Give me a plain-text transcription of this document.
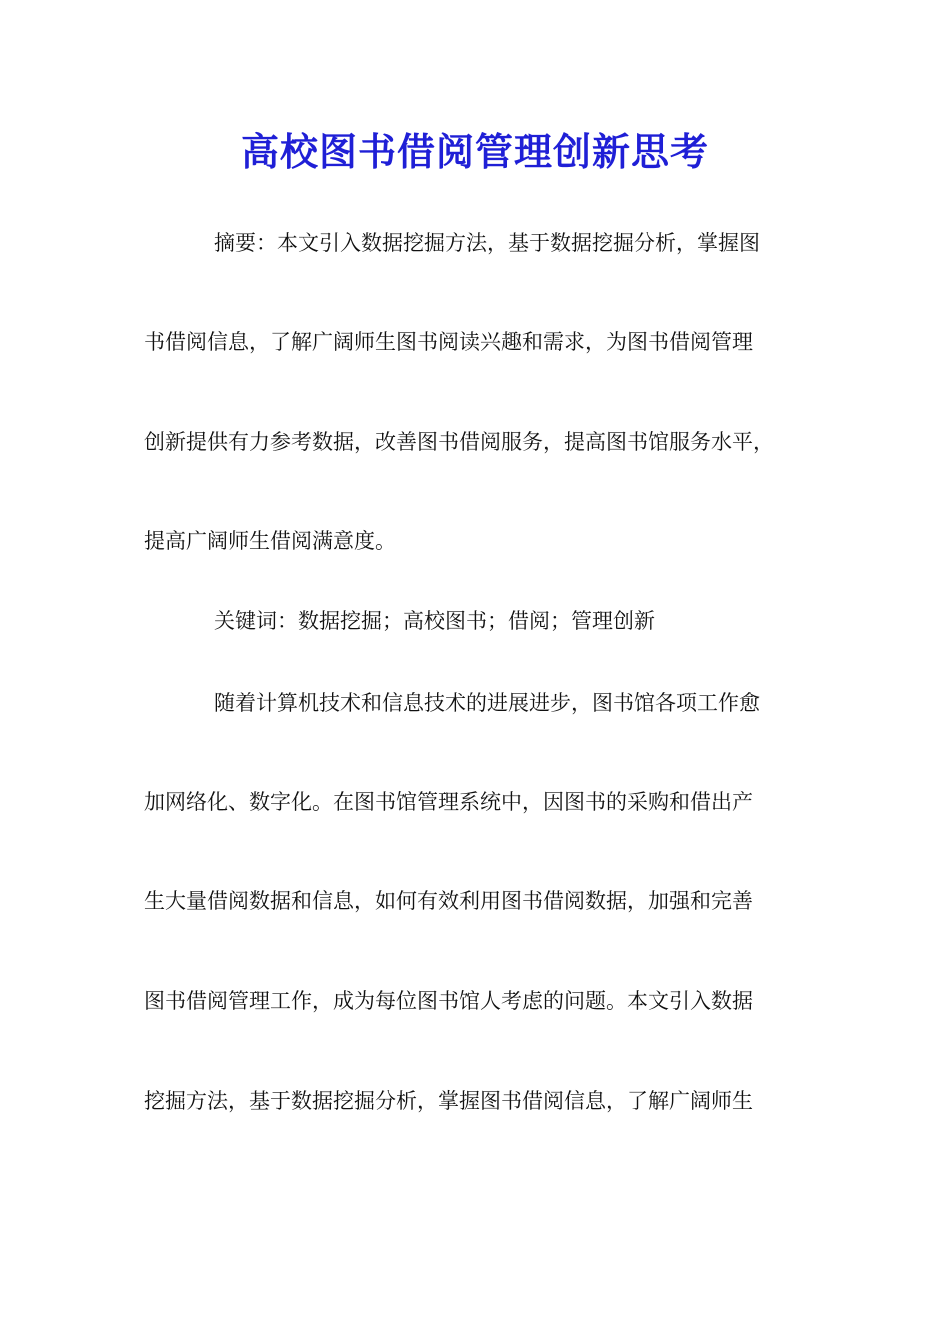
高校图书借阅管理创新思考
摘要：本文引入数据挖掘方法，基于数据挖掘分析，掌握图
书借阅信息，了解广阔师生图书阅读兴趣和需求，为图书借阅管理
创新提供有力参考数据，改善图书借阅服务，提高图书馆服务水平，
提高广阔师生借阅满意度。
关键词：数据挖掘；高校图书；借阅；管理创新
随着计算机技术和信息技术的进展进步，图书馆各项工作愈
加网络化、数字化。在图书馆管理系统中，因图书的采购和借出产
生大量借阅数据和信息，如何有效利用图书借阅数据，加强和完善
图书借阅管理工作，成为每位图书馆人考虑的问题。本文引入数据
挖掘方法，基于数据挖掘分析，掌握图书借阅信息，了解广阔师生
